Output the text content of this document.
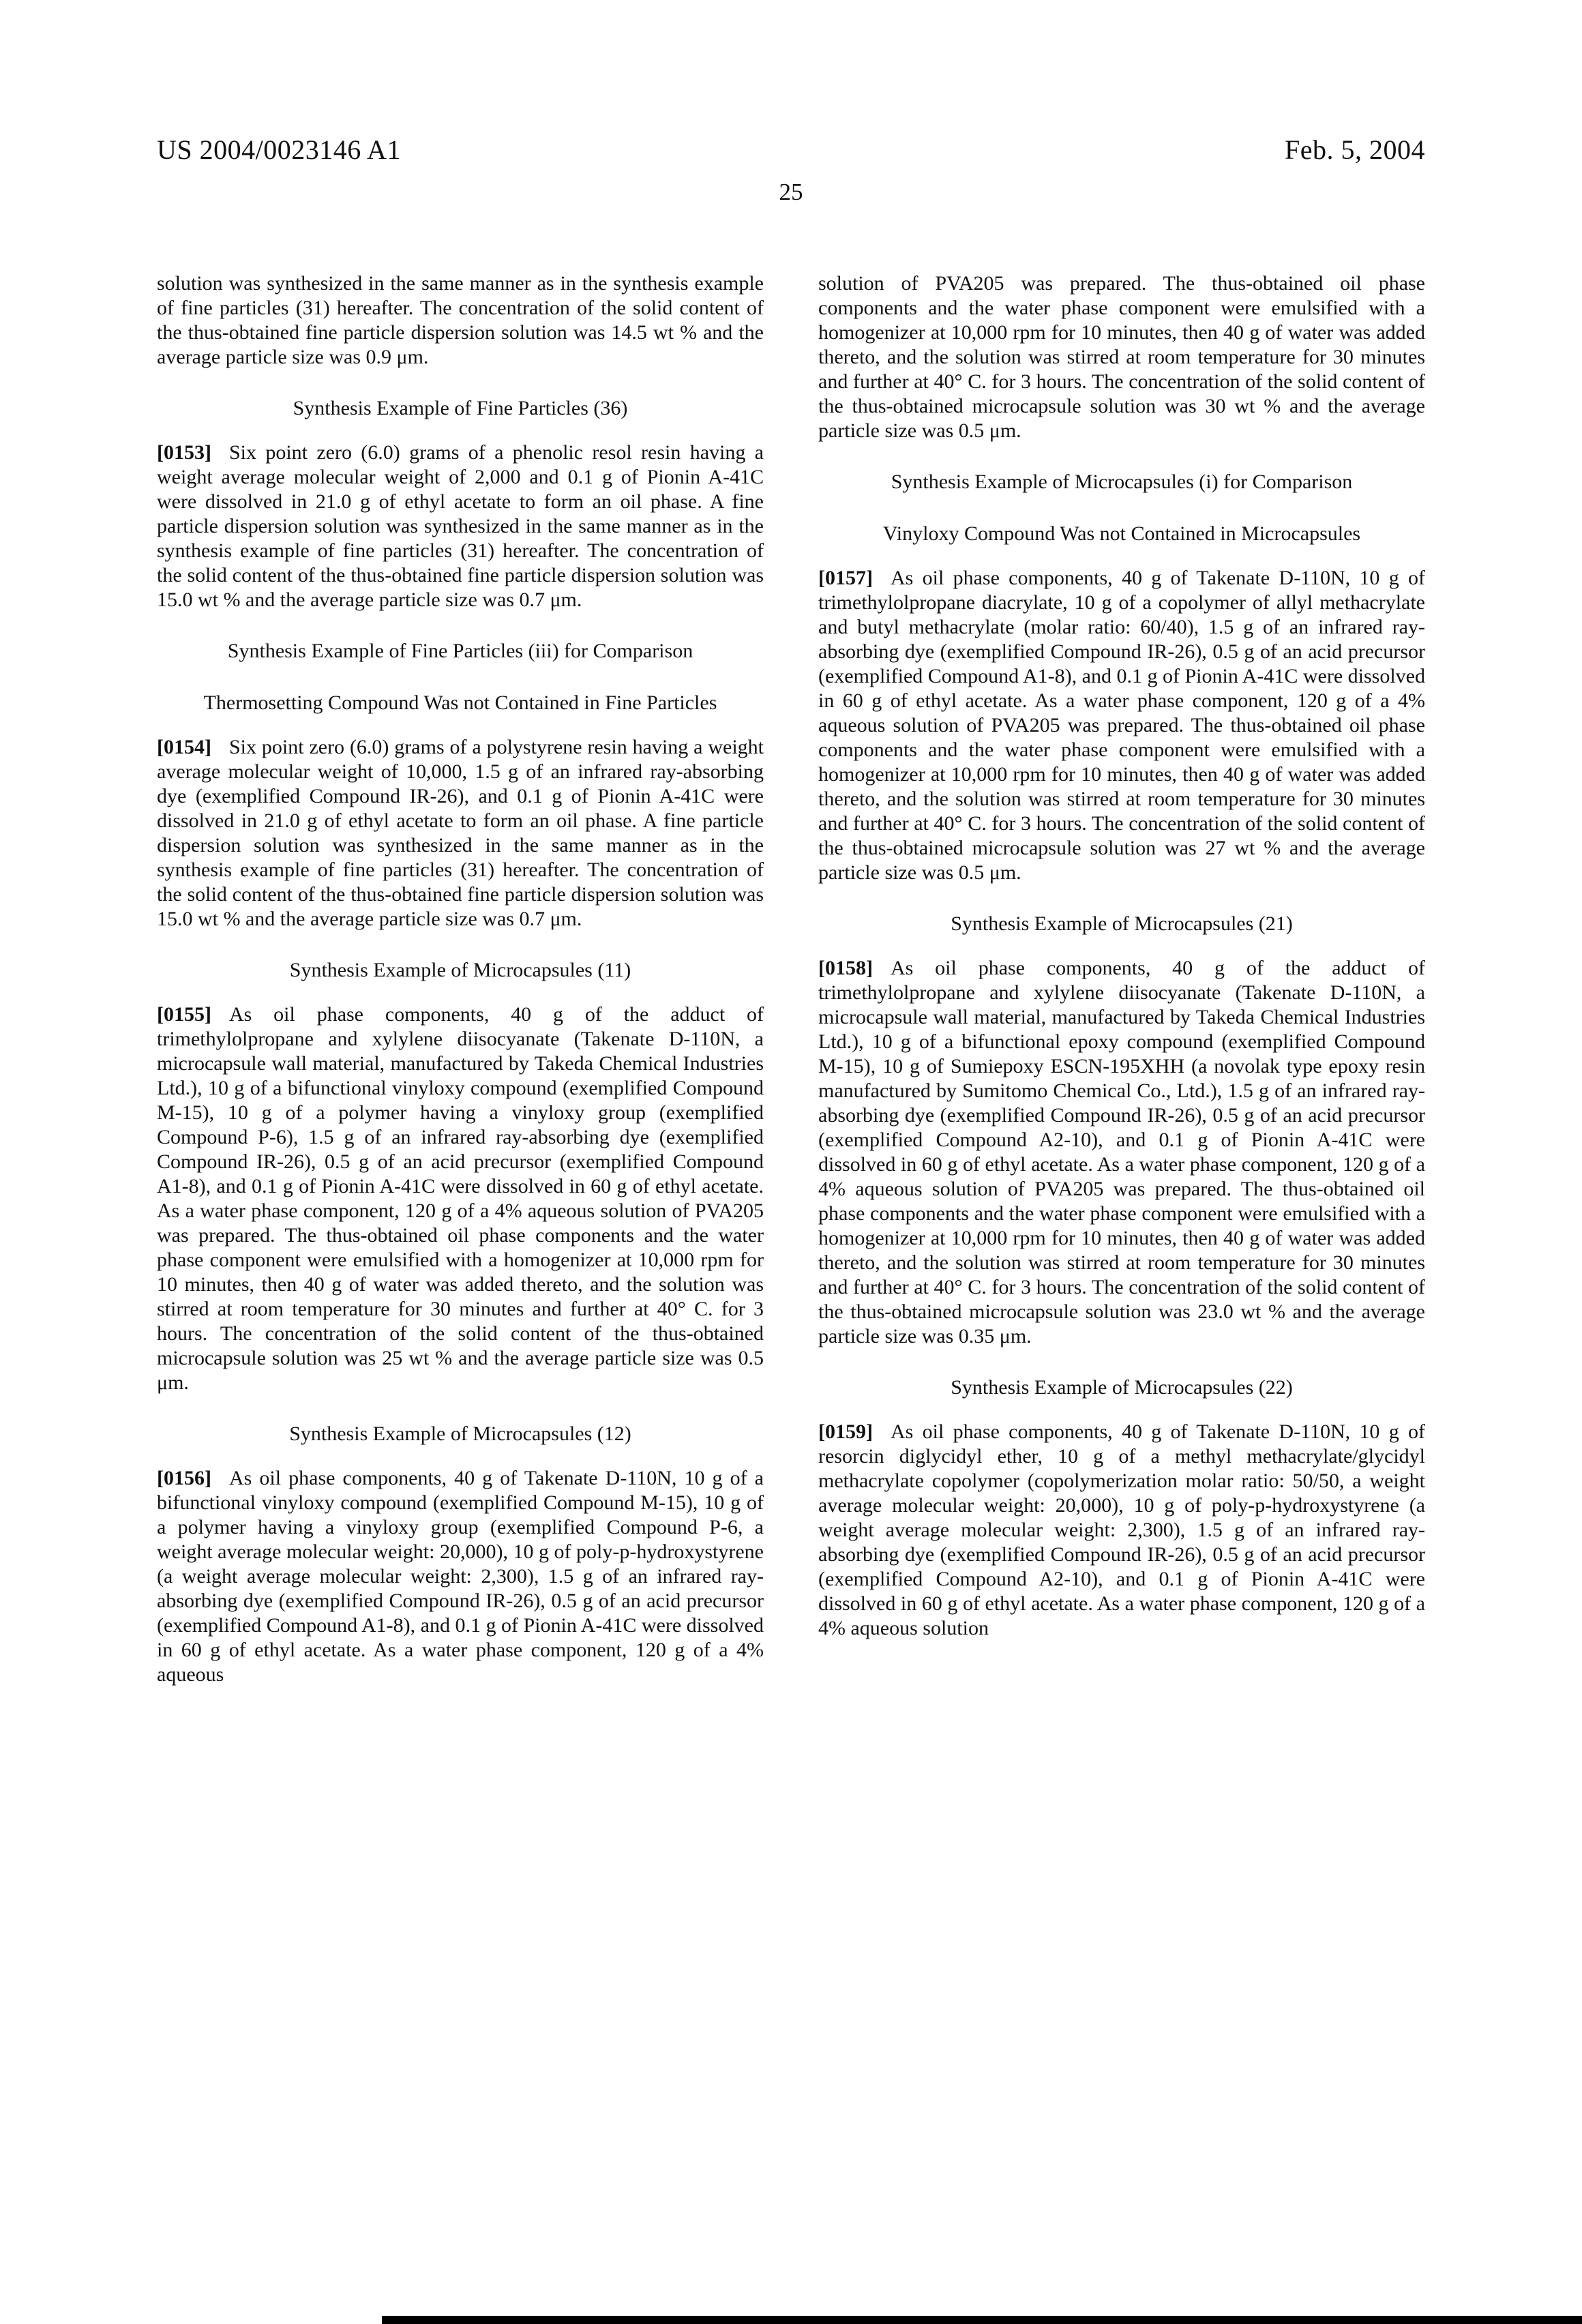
US 2004/0023146 A1	Feb. 5, 2004
25

solution was synthesized in the same manner as in the synthesis example of fine particles (31) hereafter. The concentration of the solid content of the thus-obtained fine particle dispersion solution was 14.5 wt % and the average particle size was 0.9 μm.

Synthesis Example of Fine Particles (36)

[0153] Six point zero (6.0) grams of a phenolic resol resin having a weight average molecular weight of 2,000 and 0.1 g of Pionin A-41C were dissolved in 21.0 g of ethyl acetate to form an oil phase. A fine particle dispersion solution was synthesized in the same manner as in the synthesis example of fine particles (31) hereafter. The concentration of the solid content of the thus-obtained fine particle dispersion solution was 15.0 wt % and the average particle size was 0.7 μm.

Synthesis Example of Fine Particles (iii) for Comparison
Thermosetting Compound Was not Contained in Fine Particles

[0154] Six point zero (6.0) grams of a polystyrene resin having a weight average molecular weight of 10,000, 1.5 g of an infrared ray-absorbing dye (exemplified Compound IR-26), and 0.1 g of Pionin A-41C were dissolved in 21.0 g of ethyl acetate to form an oil phase. A fine particle dispersion solution was synthesized in the same manner as in the synthesis example of fine particles (31) hereafter. The concentration of the solid content of the thus-obtained fine particle dispersion solution was 15.0 wt % and the average particle size was 0.7 μm.

Synthesis Example of Microcapsules (11)

[0155] As oil phase components, 40 g of the adduct of trimethylolpropane and xylylene diisocyanate (Takenate D-110N, a microcapsule wall material, manufactured by Takeda Chemical Industries Ltd.), 10 g of a bifunctional vinyloxy compound (exemplified Compound M-15), 10 g of a polymer having a vinyloxy group (exemplified Compound P-6), 1.5 g of an infrared ray-absorbing dye (exemplified Compound IR-26), 0.5 g of an acid precursor (exemplified Compound A1-8), and 0.1 g of Pionin A-41C were dissolved in 60 g of ethyl acetate. As a water phase component, 120 g of a 4% aqueous solution of PVA205 was prepared. The thus-obtained oil phase components and the water phase component were emulsified with a homogenizer at 10,000 rpm for 10 minutes, then 40 g of water was added thereto, and the solution was stirred at room temperature for 30 minutes and further at 40° C. for 3 hours. The concentration of the solid content of the thus-obtained microcapsule solution was 25 wt % and the average particle size was 0.5 μm.

Synthesis Example of Microcapsules (12)

[0156] As oil phase components, 40 g of Takenate D-110N, 10 g of a bifunctional vinyloxy compound (exemplified Compound M-15), 10 g of a polymer having a vinyloxy group (exemplified Compound P-6, a weight average molecular weight: 20,000), 10 g of poly-p-hydroxystyrene (a weight average molecular weight: 2,300), 1.5 g of an infrared ray-absorbing dye (exemplified Compound IR-26), 0.5 g of an acid precursor (exemplified Compound A1-8), and 0.1 g of Pionin A-41C were dissolved in 60 g of ethyl acetate. As a water phase component, 120 g of a 4% aqueous

solution of PVA205 was prepared. The thus-obtained oil phase components and the water phase component were emulsified with a homogenizer at 10,000 rpm for 10 minutes, then 40 g of water was added thereto, and the solution was stirred at room temperature for 30 minutes and further at 40° C. for 3 hours. The concentration of the solid content of the thus-obtained microcapsule solution was 30 wt % and the average particle size was 0.5 μm.

Synthesis Example of Microcapsules (i) for Comparison
Vinyloxy Compound Was not Contained in Microcapsules

[0157] As oil phase components, 40 g of Takenate D-110N, 10 g of trimethylolpropane diacrylate, 10 g of a copolymer of allyl methacrylate and butyl methacrylate (molar ratio: 60/40), 1.5 g of an infrared ray-absorbing dye (exemplified Compound IR-26), 0.5 g of an acid precursor (exemplified Compound A1-8), and 0.1 g of Pionin A-41C were dissolved in 60 g of ethyl acetate. As a water phase component, 120 g of a 4% aqueous solution of PVA205 was prepared. The thus-obtained oil phase components and the water phase component were emulsified with a homogenizer at 10,000 rpm for 10 minutes, then 40 g of water was added thereto, and the solution was stirred at room temperature for 30 minutes and further at 40° C. for 3 hours. The concentration of the solid content of the thus-obtained microcapsule solution was 27 wt % and the average particle size was 0.5 μm.

Synthesis Example of Microcapsules (21)

[0158] As oil phase components, 40 g of the adduct of trimethylolpropane and xylylene diisocyanate (Takenate D-110N, a microcapsule wall material, manufactured by Takeda Chemical Industries Ltd.), 10 g of a bifunctional epoxy compound (exemplified Compound M-15), 10 g of Sumiepoxy ESCN-195XHH (a novolak type epoxy resin manufactured by Sumitomo Chemical Co., Ltd.), 1.5 g of an infrared ray-absorbing dye (exemplified Compound IR-26), 0.5 g of an acid precursor (exemplified Compound A2-10), and 0.1 g of Pionin A-41C were dissolved in 60 g of ethyl acetate. As a water phase component, 120 g of a 4% aqueous solution of PVA205 was prepared. The thus-obtained oil phase components and the water phase component were emulsified with a homogenizer at 10,000 rpm for 10 minutes, then 40 g of water was added thereto, and the solution was stirred at room temperature for 30 minutes and further at 40° C. for 3 hours. The concentration of the solid content of the thus-obtained microcapsule solution was 23.0 wt % and the average particle size was 0.35 μm.

Synthesis Example of Microcapsules (22)

[0159] As oil phase components, 40 g of Takenate D-110N, 10 g of resorcin diglycidyl ether, 10 g of a methyl methacrylate/glycidyl methacrylate copolymer (copolymerization molar ratio: 50/50, a weight average molecular weight: 20,000), 10 g of poly-p-hydroxystyrene (a weight average molecular weight: 2,300), 1.5 g of an infrared ray-absorbing dye (exemplified Compound IR-26), 0.5 g of an acid precursor (exemplified Compound A2-10), and 0.1 g of Pionin A-41C were dissolved in 60 g of ethyl acetate. As a water phase component, 120 g of a 4% aqueous solution
